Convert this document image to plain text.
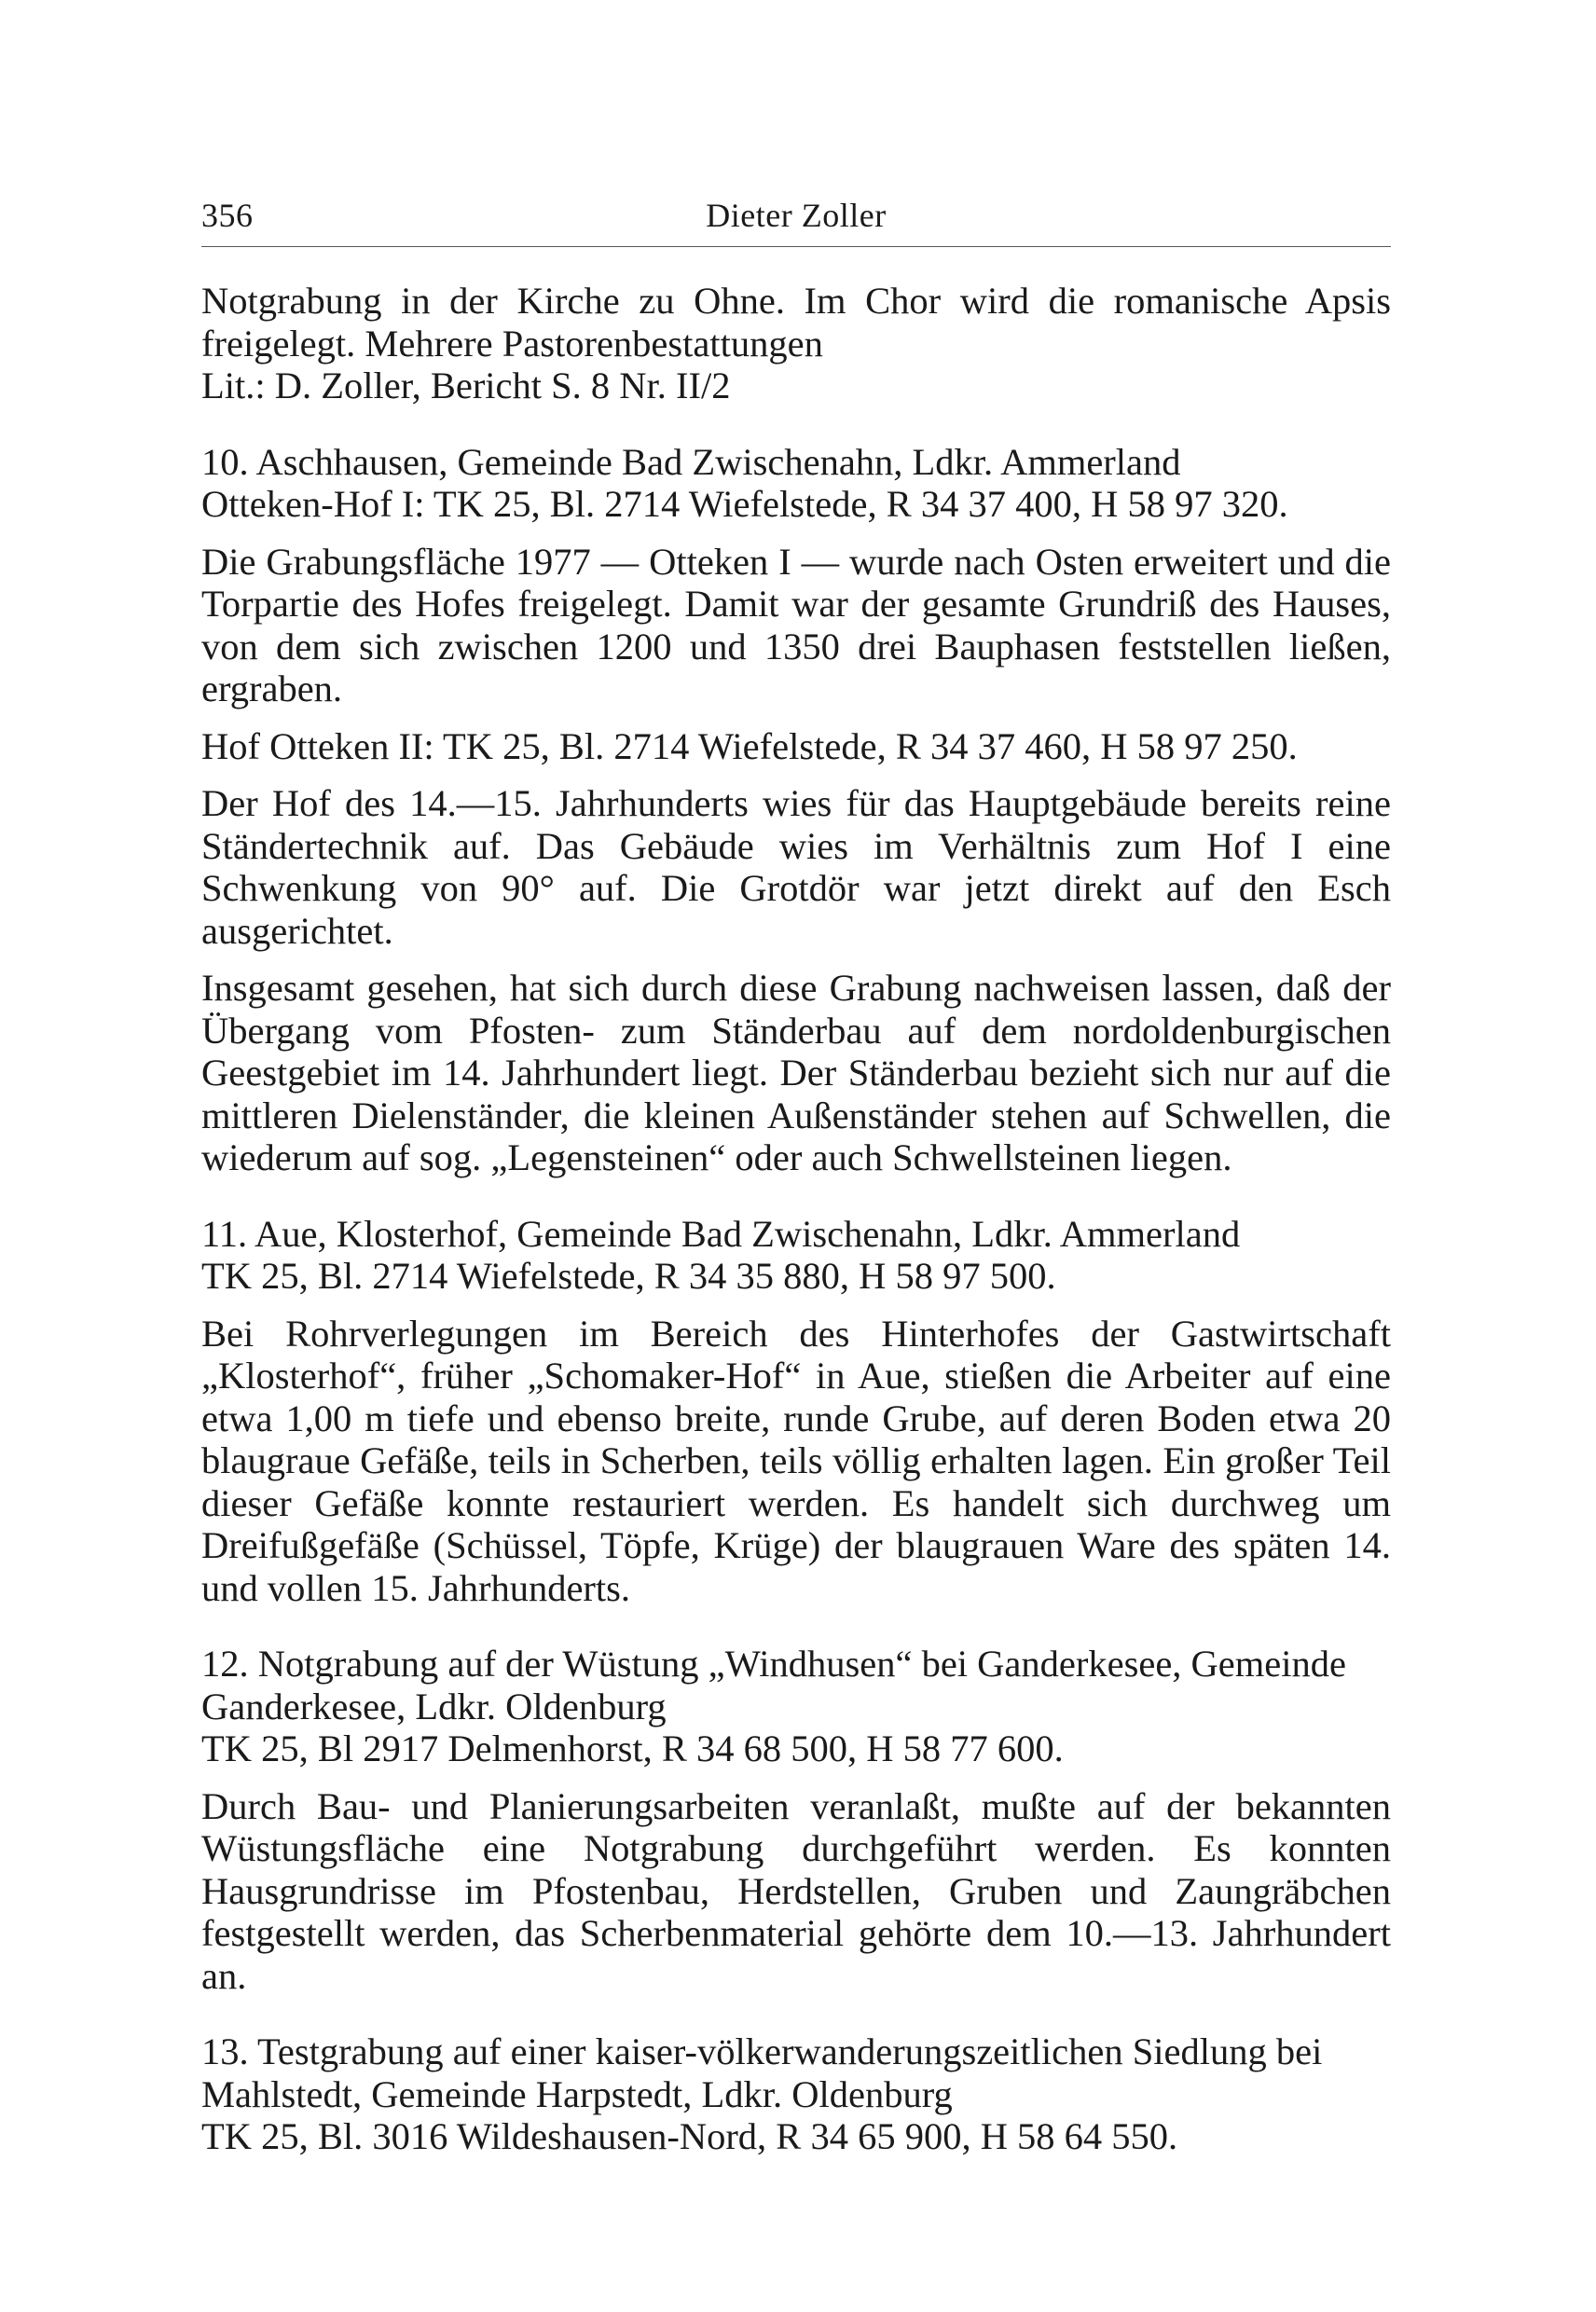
356	Dieter Zoller

Notgrabung in der Kirche zu Ohne. Im Chor wird die romanische Apsis freigelegt. Mehrere Pastorenbestattungen

Lit.: D. Zoller, Bericht S. 8 Nr. II/2

10. Aschhausen, Gemeinde Bad Zwischenahn, Ldkr. Ammerland

Otteken-Hof I: TK 25, Bl. 2714 Wiefelstede, R 34 37 400, H 58 97 320.

Die Grabungsfläche 1977 — Otteken I — wurde nach Osten erweitert und die Torpartie des Hofes freigelegt. Damit war der gesamte Grundriß des Hauses, von dem sich zwischen 1200 und 1350 drei Bauphasen feststellen ließen, ergraben.

Hof Otteken II: TK 25, Bl. 2714 Wiefelstede, R 34 37 460, H 58 97 250.

Der Hof des 14.—15. Jahrhunderts wies für das Hauptgebäude bereits reine Ständertechnik auf. Das Gebäude wies im Verhältnis zum Hof I eine Schwenkung von 90° auf. Die Grotdör war jetzt direkt auf den Esch ausgerichtet.

Insgesamt gesehen, hat sich durch diese Grabung nachweisen lassen, daß der Übergang vom Pfosten- zum Ständerbau auf dem nordoldenburgischen Geestgebiet im 14. Jahrhundert liegt. Der Ständerbau bezieht sich nur auf die mittleren Dielenständer, die kleinen Außenständer stehen auf Schwellen, die wiederum auf sog. „Legensteinen“ oder auch Schwellsteinen liegen.

11. Aue, Klosterhof, Gemeinde Bad Zwischenahn, Ldkr. Ammerland

TK 25, Bl. 2714 Wiefelstede, R 34 35 880, H 58 97 500.

Bei Rohrverlegungen im Bereich des Hinterhofes der Gastwirtschaft „Klosterhof“, früher „Schomaker-Hof“ in Aue, stießen die Arbeiter auf eine etwa 1,00 m tiefe und ebenso breite, runde Grube, auf deren Boden etwa 20 blaugraue Gefäße, teils in Scherben, teils völlig erhalten lagen. Ein großer Teil dieser Gefäße konnte restauriert werden. Es handelt sich durchweg um Dreifußgefäße (Schüssel, Töpfe, Krüge) der blaugrauen Ware des späten 14. und vollen 15. Jahrhunderts.

12. Notgrabung auf der Wüstung „Windhusen“ bei Ganderkesee, Gemeinde Ganderkesee, Ldkr. Oldenburg

TK 25, Bl 2917 Delmenhorst, R 34 68 500, H 58 77 600.

Durch Bau- und Planierungsarbeiten veranlaßt, mußte auf der bekannten Wüstungsfläche eine Notgrabung durchgeführt werden. Es konnten Hausgrundrisse im Pfostenbau, Herdstellen, Gruben und Zaungräbchen festgestellt werden, das Scherbenmaterial gehörte dem 10.—13. Jahrhundert an.

13. Testgrabung auf einer kaiser-völkerwanderungszeitlichen Siedlung bei Mahlstedt, Gemeinde Harpstedt, Ldkr. Oldenburg

TK 25, Bl. 3016 Wildeshausen-Nord, R 34 65 900, H 58 64 550.
